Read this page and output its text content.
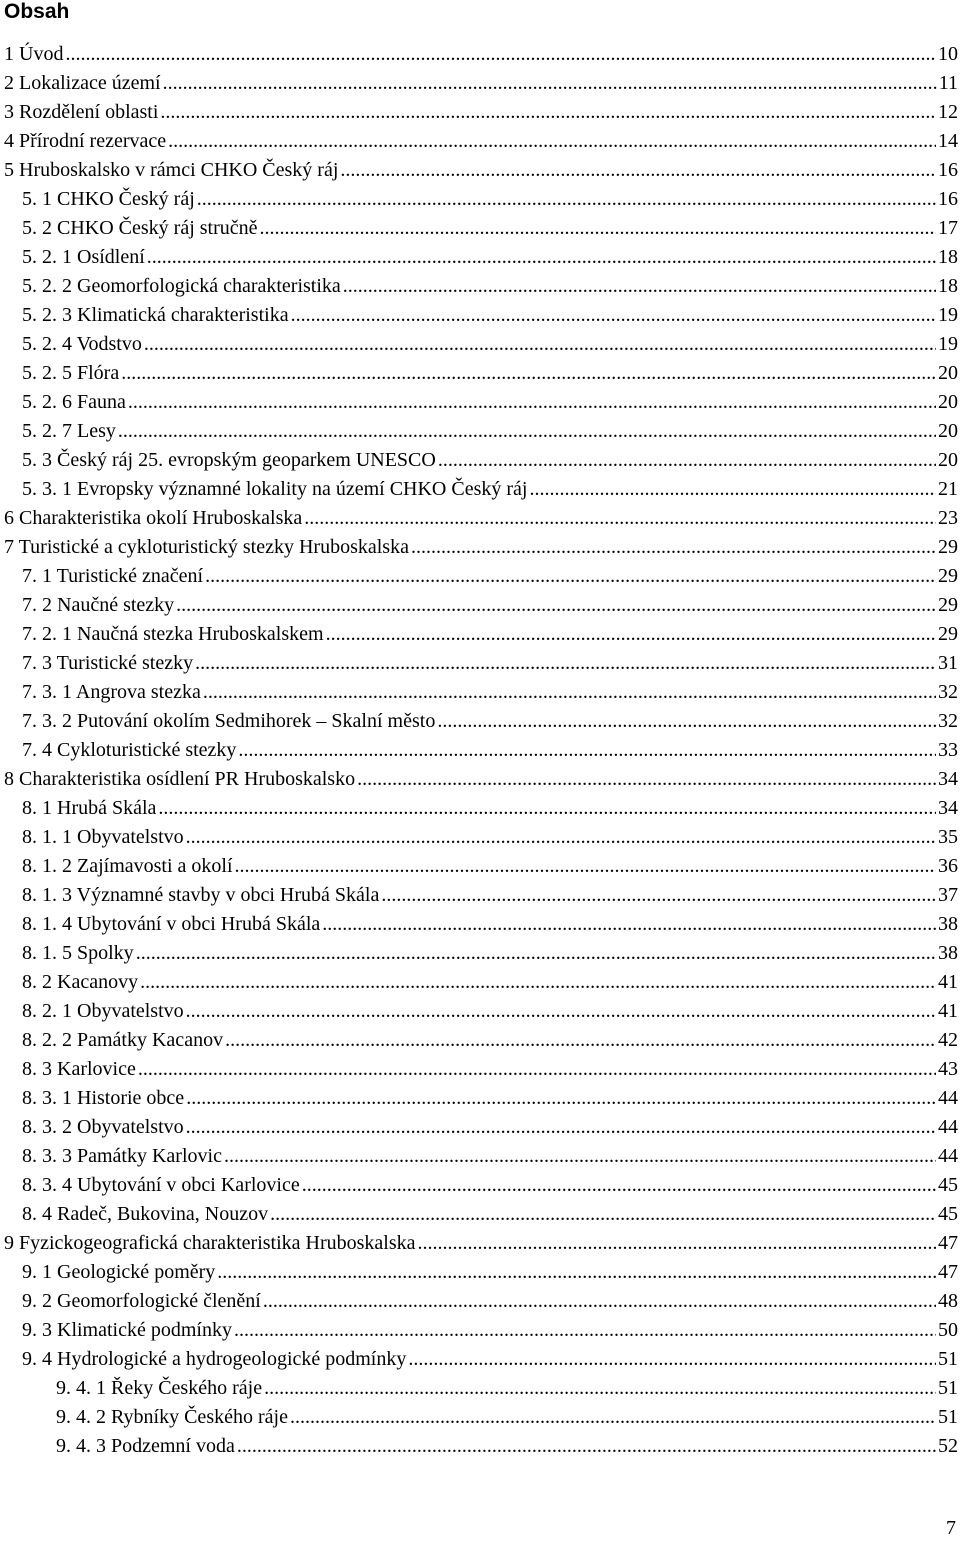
Obsah
1 Úvod .....	10
2 Lokalizace území .....	11
3 Rozdělení oblasti .....	12
4 Přírodní rezervace .....	14
5 Hruboskalsko v rámci CHKO Český ráj .....	16
5. 1 CHKO Český ráj .....	16
5. 2 CHKO Český ráj stručně .....	17
5. 2. 1 Osídlení .....	18
5. 2. 2 Geomorfologická charakteristika .....	18
5. 2. 3 Klimatická charakteristika .....	19
5. 2. 4 Vodstvo .....	19
5. 2. 5 Flóra .....	20
5. 2. 6 Fauna .....	20
5. 2. 7 Lesy .....	20
5. 3 Český ráj 25. evropským geoparkem UNESCO .....	20
5. 3. 1 Evropsky významné lokality na území CHKO Český ráj .....	21
6 Charakteristika okolí Hruboskalska .....	23
7 Turistické a cykloturistický stezky Hruboskalska .....	29
7. 1 Turistické značení .....	29
7. 2 Naučné stezky .....	29
7. 2. 1 Naučná stezka Hruboskalskem .....	29
7. 3 Turistické stezky .....	31
7. 3. 1 Angrova stezka .....	32
7. 3. 2 Putování okolím Sedmihorek – Skalní město .....	32
7. 4 Cykloturistické stezky .....	33
8 Charakteristika osídlení PR Hruboskalsko .....	34
8. 1 Hrubá Skála .....	34
8. 1. 1 Obyvatelstvo .....	35
8. 1. 2 Zajímavosti a okolí .....	36
8. 1. 3 Významné stavby v obci Hrubá Skála .....	37
8. 1. 4 Ubytování v obci Hrubá Skála .....	38
8. 1. 5 Spolky .....	38
8. 2 Kacanovy .....	41
8. 2. 1 Obyvatelstvo .....	41
8. 2. 2 Památky Kacanov .....	42
8. 3 Karlovice .....	43
8. 3. 1 Historie obce .....	44
8. 3. 2 Obyvatelstvo .....	44
8. 3. 3 Památky Karlovic .....	44
8. 3. 4 Ubytování v obci Karlovice .....	45
8. 4 Radeč, Bukovina, Nouzov .....	45
9 Fyzickogeografická charakteristika Hruboskalska .....	47
9. 1 Geologické poměry .....	47
9. 2 Geomorfologické členění .....	48
9. 3 Klimatické podmínky .....	50
9. 4 Hydrologické a hydrogeologické podmínky .....	51
9. 4. 1 Řeky Českého ráje .....	51
9. 4. 2 Rybníky Českého ráje .....	51
9. 4. 3 Podzemní voda .....	52
7
